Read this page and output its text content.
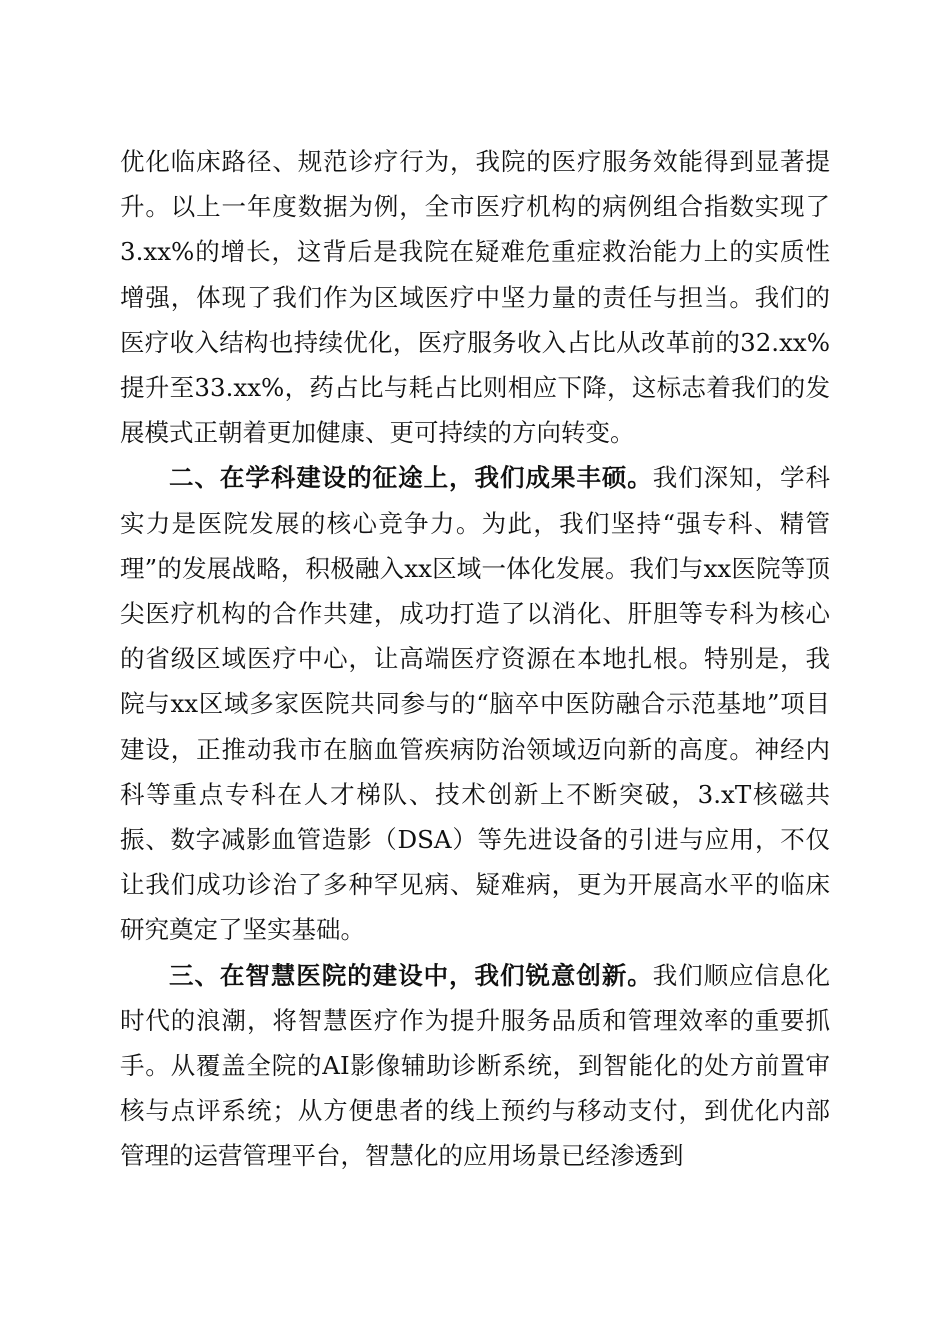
优化临床路径、规范诊疗行为，我院的医疗服务效能得到显著提升。以上一年度数据为例，全市医疗机构的病例组合指数实现了3.xx%的增长，这背后是我院在疑难危重症救治能力上的实质性增强，体现了我们作为区域医疗中坚力量的责任与担当。我们的医疗收入结构也持续优化，医疗服务收入占比从改革前的32.xx%提升至33.xx%，药占比与耗占比则相应下降，这标志着我们的发展模式正朝着更加健康、更可持续的方向转变。

二、在学科建设的征途上，我们成果丰硕。我们深知，学科实力是医院发展的核心竞争力。为此，我们坚持“强专科、精管理”的发展战略，积极融入xx区域一体化发展。我们与xx医院等顶尖医疗机构的合作共建，成功打造了以消化、肝胆等专科为核心的省级区域医疗中心，让高端医疗资源在本地扎根。特别是，我院与xx区域多家医院共同参与的“脑卒中医防融合示范基地”项目建设，正推动我市在脑血管疾病防治领域迈向新的高度。神经内科等重点专科在人才梯队、技术创新上不断突破，3.xT核磁共振、数字减影血管造影（DSA）等先进设备的引进与应用，不仅让我们成功诊治了多种罕见病、疑难病，更为开展高水平的临床研究奠定了坚实基础。

三、在智慧医院的建设中，我们锐意创新。我们顺应信息化时代的浪潮，将智慧医疗作为提升服务品质和管理效率的重要抓手。从覆盖全院的AI影像辅助诊断系统，到智能化的处方前置审核与点评系统；从方便患者的线上预约与移动支付，到优化内部管理的运营管理平台，智慧化的应用场景已经渗透到
